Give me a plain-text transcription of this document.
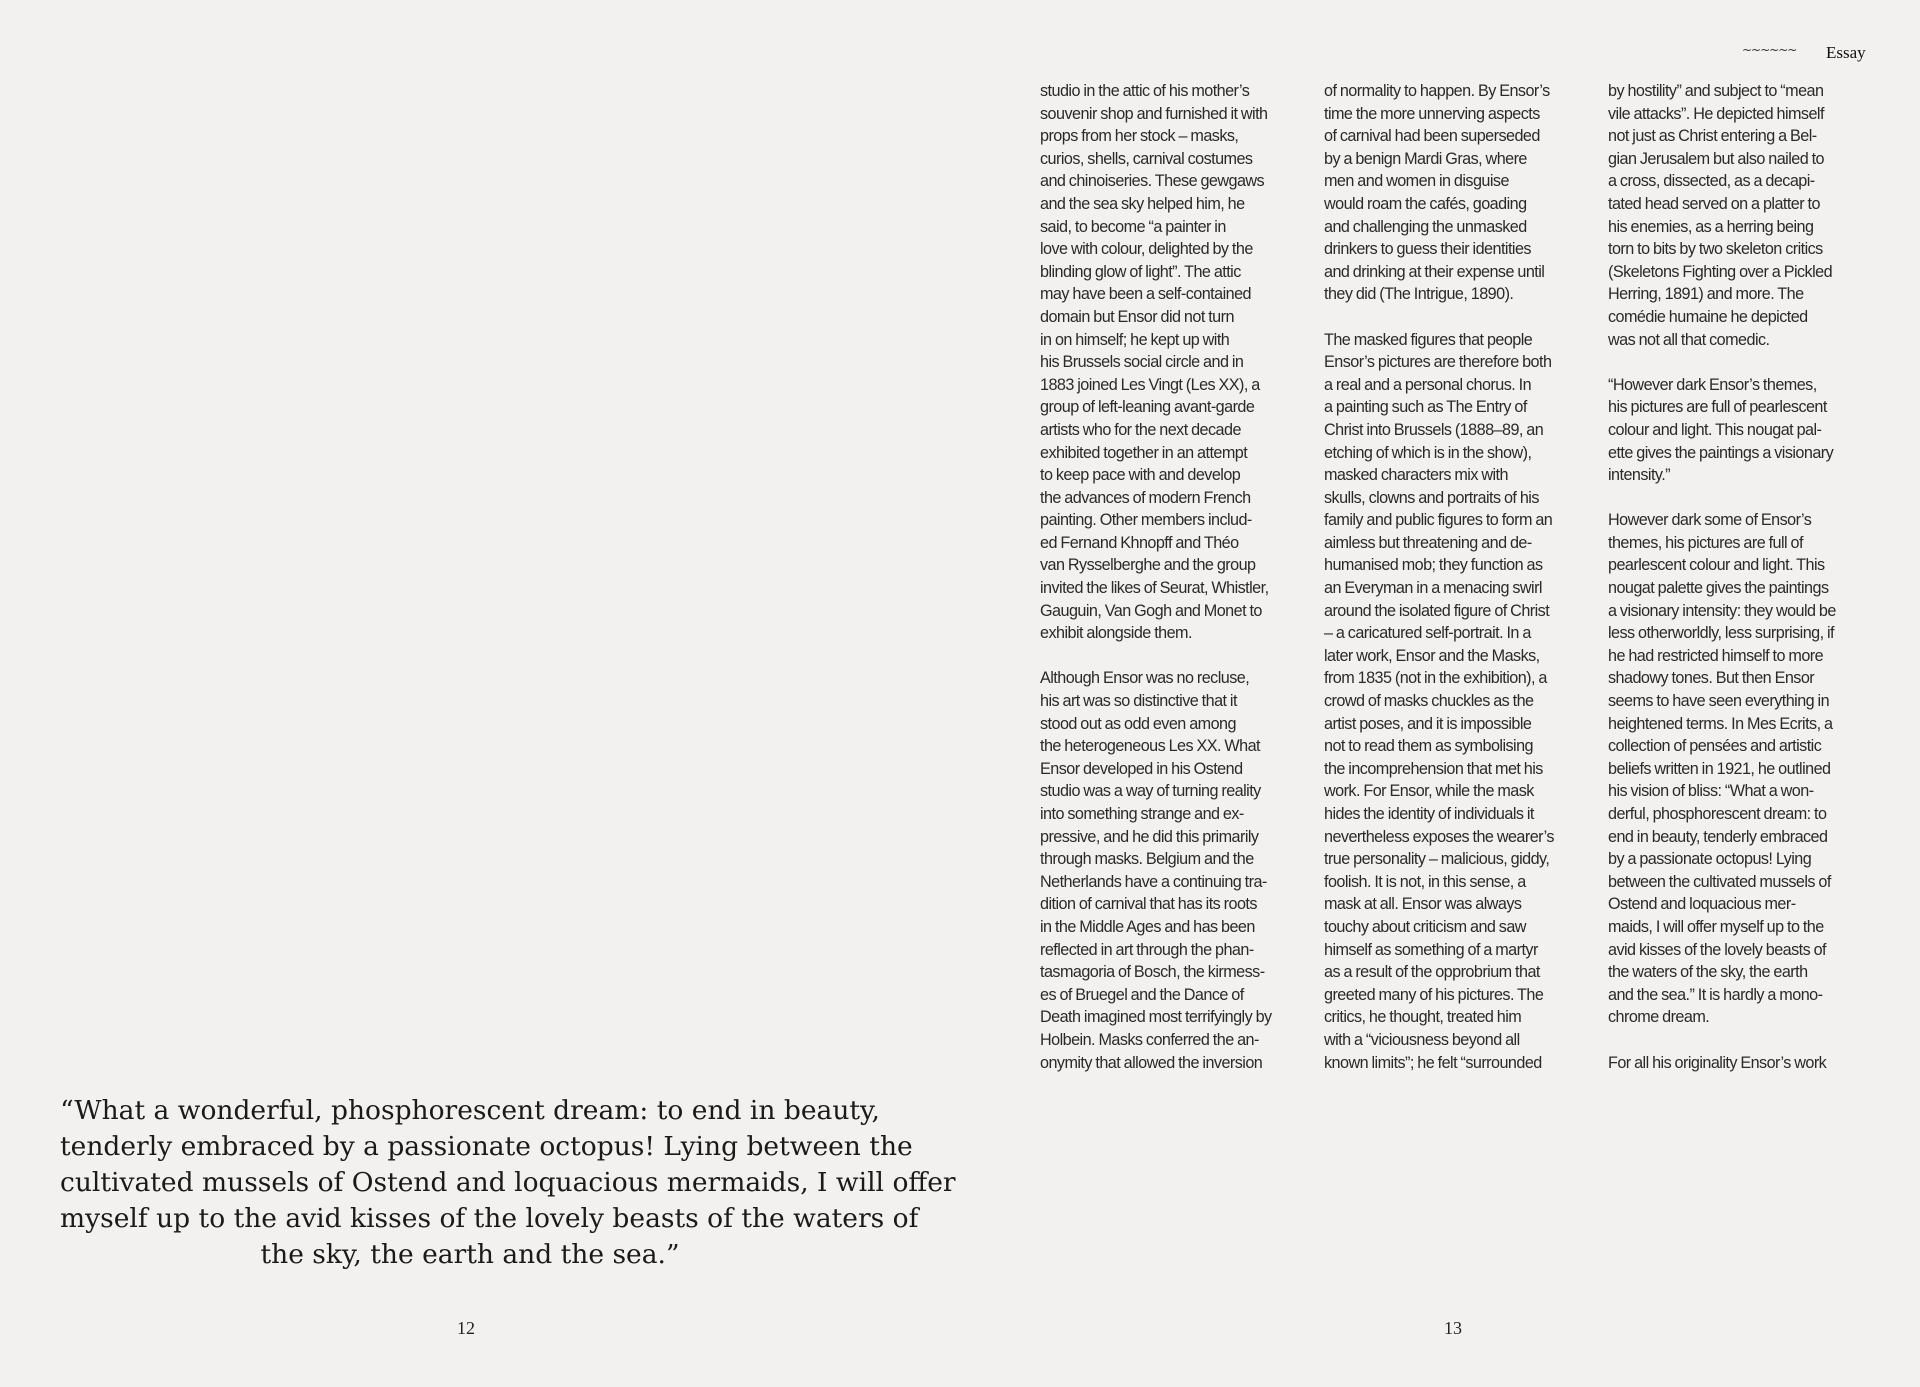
~~~~~~ Essay

studio in the attic of his mother’s

souvenir shop and furnished it with

props from her stock – masks,

curios, shells, carnival costumes

and chinoiseries. These gewgaws

and the sea sky helped him, he

said, to become “a painter in

love with colour, delighted by the

blinding glow of light”. The attic

may have been a self-contained

domain but Ensor did not turn

in on himself; he kept up with

his Brussels social circle and in

1883 joined Les Vingt (Les XX), a

group of left-leaning avant-garde

artists who for the next decade

exhibited together in an attempt

to keep pace with and develop

the advances of modern French

painting. Other members includ-

ed Fernand Khnopff and Théo

van Rysselberghe and the group

invited the likes of Seurat, Whistler,

Gauguin, Van Gogh and Monet to

exhibit alongside them.

Although Ensor was no recluse,

his art was so distinctive that it

stood out as odd even among

the heterogeneous Les XX. What

Ensor developed in his Ostend

studio was a way of turning reality

into something strange and ex-

pressive, and he did this primarily

through masks. Belgium and the

Netherlands have a continuing tra-

dition of carnival that has its roots

in the Middle Ages and has been

reflected in art through the phan-

tasmagoria of Bosch, the kirmess-

es of Bruegel and the Dance of

Death imagined most terrifyingly by

Holbein. Masks conferred the an-

onymity that allowed the inversion

of normality to happen. By Ensor’s

time the more unnerving aspects

of carnival had been superseded

by a benign Mardi Gras, where

men and women in disguise

would roam the cafés, goading

and challenging the unmasked

drinkers to guess their identities

and drinking at their expense until

they did (The Intrigue, 1890).

The masked figures that people

Ensor’s pictures are therefore both

a real and a personal chorus. In

a painting such as The Entry of

Christ into Brussels (1888–89, an

etching of which is in the show),

masked characters mix with

skulls, clowns and portraits of his

family and public figures to form an

aimless but threatening and de-

humanised mob; they function as

an Everyman in a menacing swirl

around the isolated figure of Christ

– a caricatured self-portrait. In a

later work, Ensor and the Masks,

from 1835 (not in the exhibition), a

crowd of masks chuckles as the

artist poses, and it is impossible

not to read them as symbolising

the incomprehension that met his

work. For Ensor, while the mask

hides the identity of individuals it

nevertheless exposes the wearer’s

true personality – malicious, giddy,

foolish. It is not, in this sense, a

mask at all. Ensor was always

touchy about criticism and saw

himself as something of a martyr

as a result of the opprobrium that

greeted many of his pictures. The

critics, he thought, treated him

with a “viciousness beyond all

known limits”; he felt “surrounded

by hostility” and subject to “mean

vile attacks”. He depicted himself

not just as Christ entering a Bel-

gian Jerusalem but also nailed to

a cross, dissected, as a decapi-

tated head served on a platter to

his enemies, as a herring being

torn to bits by two skeleton critics

(Skeletons Fighting over a Pickled

Herring, 1891) and more. The

comédie humaine he depicted

was not all that comedic.

“However dark Ensor’s themes,

his pictures are full of pearlescent

colour and light. This nougat pal-

ette gives the paintings a visionary

intensity.”

However dark some of Ensor’s

themes, his pictures are full of

pearlescent colour and light. This

nougat palette gives the paintings

a visionary intensity: they would be

less otherworldly, less surprising, if

he had restricted himself to more

shadowy tones. But then Ensor

seems to have seen everything in

heightened terms. In Mes Ecrits, a

collection of pensées and artistic

beliefs written in 1921, he outlined

his vision of bliss: “What a won-

derful, phosphorescent dream: to

end in beauty, tenderly embraced

by a passionate octopus! Lying

between the cultivated mussels of

Ostend and loquacious mer-

maids, I will offer myself up to the

avid kisses of the lovely beasts of

the waters of the sky, the earth

and the sea.” It is hardly a mono-

chrome dream.

For all his originality Ensor’s work

“What a wonderful, phosphorescent dream: to end in beauty,

tenderly embraced by a passionate octopus! Lying between the

cultivated mussels of Ostend and loquacious mermaids, I will offer

myself up to the avid kisses of the lovely beasts of the waters of

the sky, the earth and the sea.”

12	13
